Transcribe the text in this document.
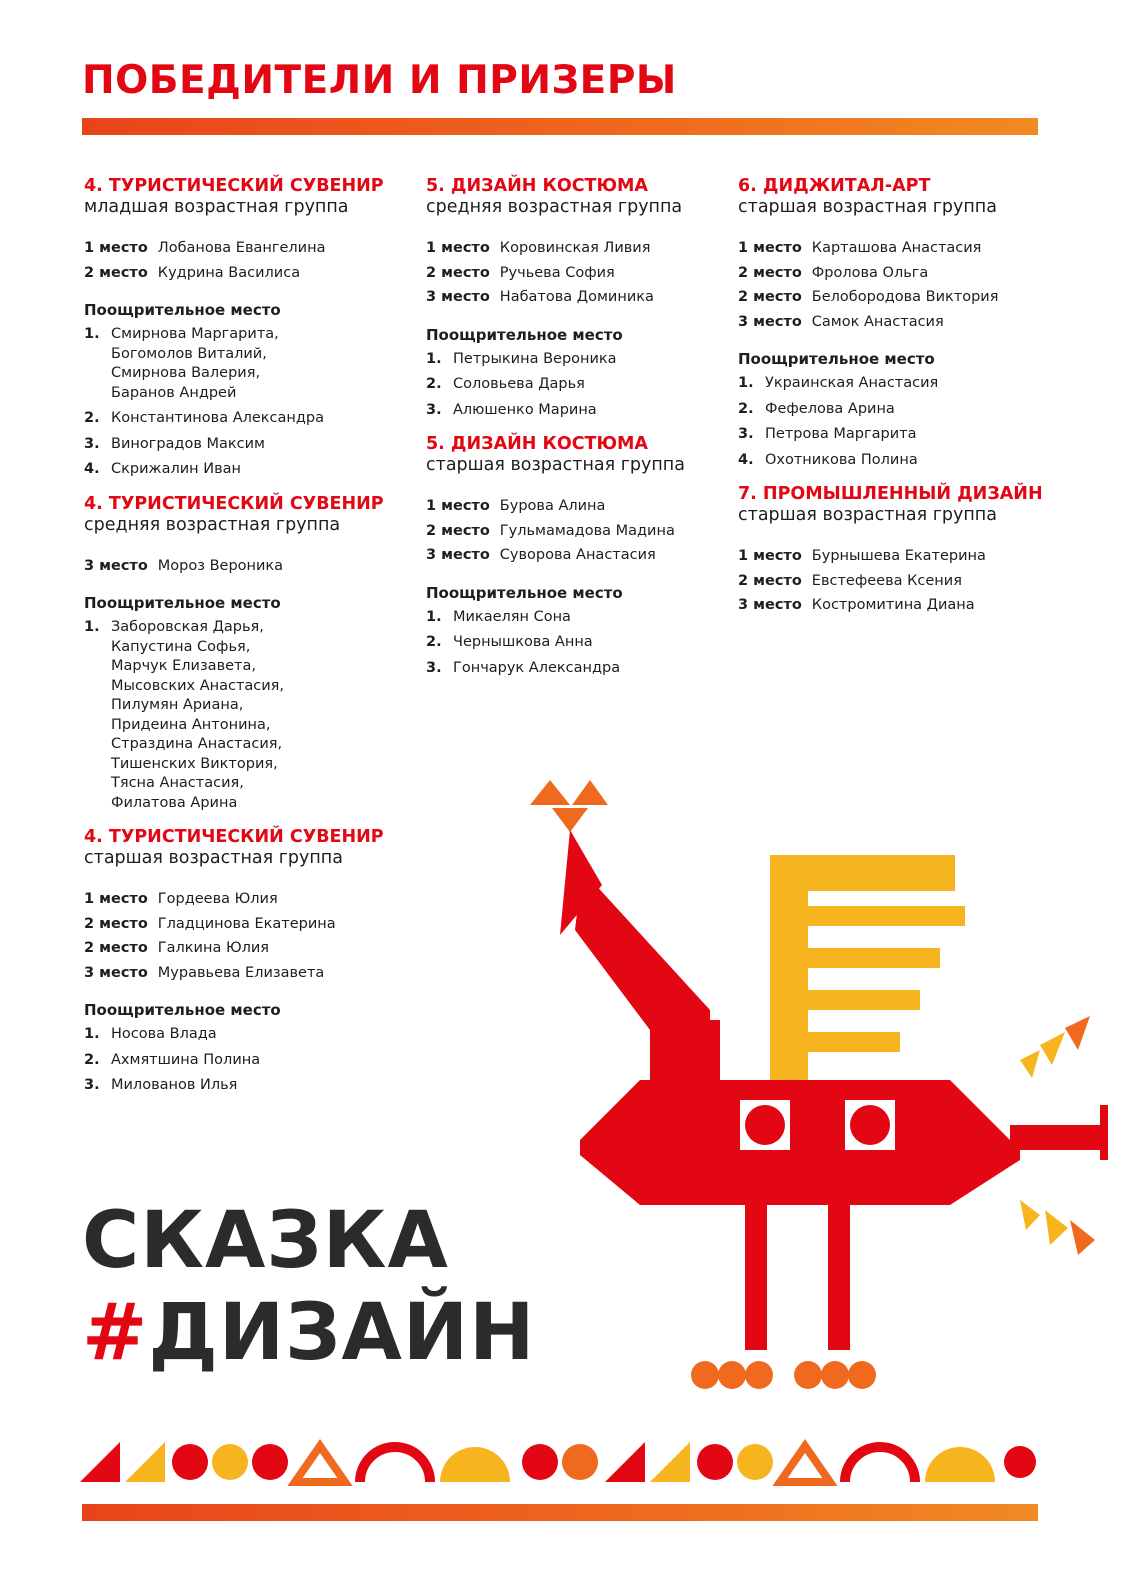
ПОБЕДИТЕЛИ И ПРИЗЕРЫ
4. ТУРИСТИЧЕСКИЙ СУВЕНИР
младшая возрастная группа
1 место Лобанова Евангелина
2 место Кудрина Василиса
Поощрительное место
1. Смирнова Маргарита,
Богомолов Виталий,
Смирнова Валерия,
Баранов Андрей
2. Константинова Александра
3. Виноградов Максим
4. Скрижалин Иван
4. ТУРИСТИЧЕСКИЙ СУВЕНИР
средняя возрастная группа
3 место Мороз Вероника
Поощрительное место
1. Заборовская Дарья,
Капустина Софья,
Марчук Елизавета,
Мысовских Анастасия,
Пилумян Ариана,
Придеина Антонина,
Страздина Анастасия,
Тишенских Виктория,
Тясна Анастасия,
Филатова Арина
4. ТУРИСТИЧЕСКИЙ СУВЕНИР
старшая возрастная группа
1 место Гордеева Юлия
2 место Гладцинова Екатерина
2 место Галкина Юлия
3 место Муравьева Елизавета
Поощрительное место
1. Носова Влада
2. Ахмятшина Полина
3. Милованов Илья
5. ДИЗАЙН КОСТЮМА
средняя возрастная группа
1 место Коровинская Ливия
2 место Ручьева София
3 место Набатова Доминика
Поощрительное место
1. Петрыкина Вероника
2. Соловьева Дарья
3. Алюшенко Марина
5. ДИЗАЙН КОСТЮМА
старшая возрастная группа
1 место Бурова Алина
2 место Гульмамадова Мадина
3 место Суворова Анастасия
Поощрительное место
1. Микаелян Сона
2. Чернышкова Анна
3. Гончарук Александра
6. ДИДЖИТАЛ-АРТ
старшая возрастная группа
1 место Карташова Анастасия
2 место Фролова Ольга
2 место Белобородова Виктория
3 место Самок Анастасия
Поощрительное место
1. Украинская Анастасия
2. Фефелова Арина
3. Петрова Маргарита
4. Охотникова Полина
7. ПРОМЫШЛЕННЫЙ ДИЗАЙН
старшая возрастная группа
1 место Бурнышева Екатерина
2 место Евстефеева Ксения
3 место Костромитина Диана
СКАЗКА
#ДИЗАЙН
